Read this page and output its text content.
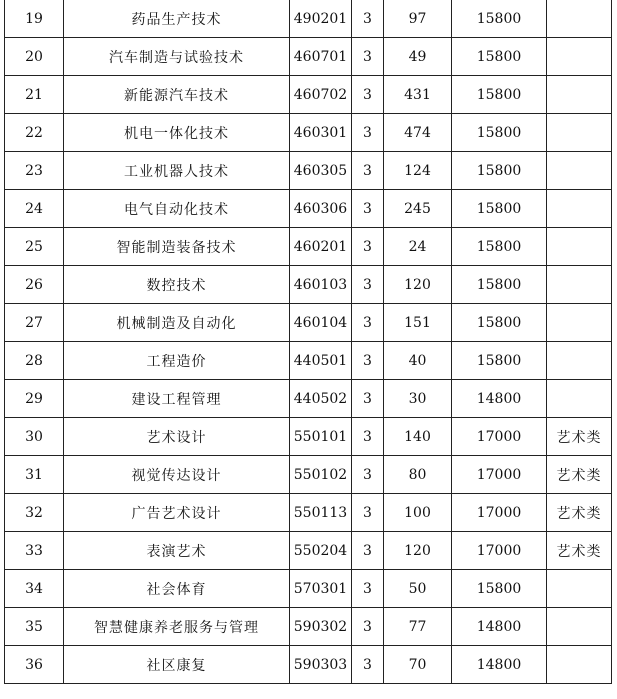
19	药品生产技术	490201	3	97	15800	
20	汽车制造与试验技术	460701	3	49	15800	
21	新能源汽车技术	460702	3	431	15800	
22	机电一体化技术	460301	3	474	15800	
23	工业机器人技术	460305	3	124	15800	
24	电气自动化技术	460306	3	245	15800	
25	智能制造装备技术	460201	3	24	15800	
26	数控技术	460103	3	120	15800	
27	机械制造及自动化	460104	3	151	15800	
28	工程造价	440501	3	40	15800	
29	建设工程管理	440502	3	30	14800	
30	艺术设计	550101	3	140	17000	艺术类
31	视觉传达设计	550102	3	80	17000	艺术类
32	广告艺术设计	550113	3	100	17000	艺术类
33	表演艺术	550204	3	120	17000	艺术类
34	社会体育	570301	3	50	15800	
35	智慧健康养老服务与管理	590302	3	77	14800	
36	社区康复	590303	3	70	14800	
